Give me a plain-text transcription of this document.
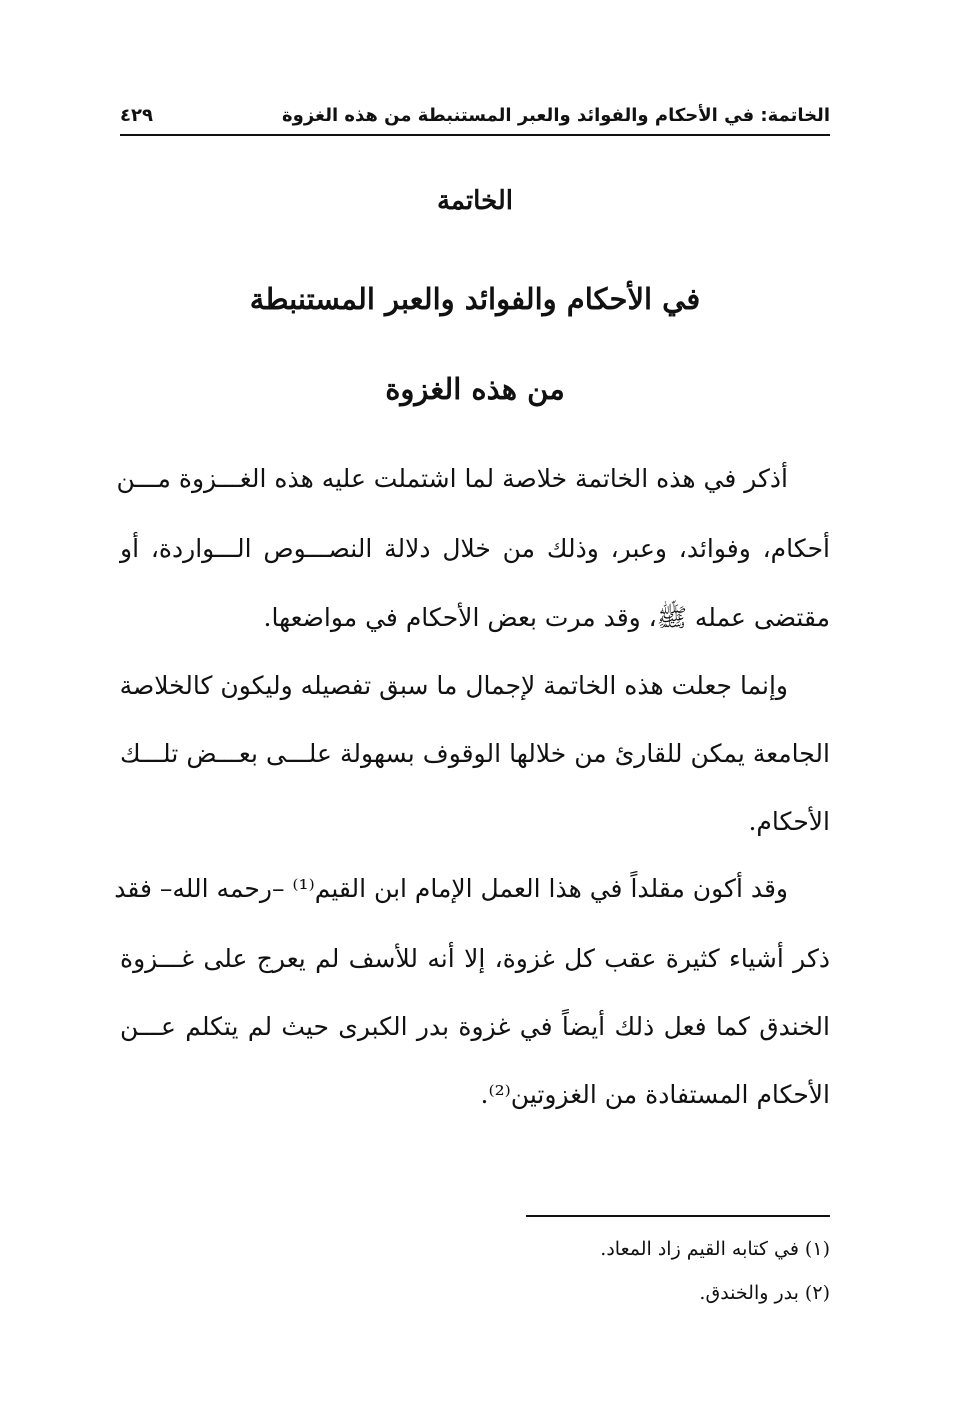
الخاتمة: في الأحكام والفوائد والعبر المستنبطة من هذه الغزوة
٤٢٩
الخاتمة
في الأحكام والفوائد والعبر المستنبطة
من هذه الغزوة
أذكر في هذه الخاتمة خلاصة لما اشتملت عليه هذه الغـــزوة مـــن
أحكام، وفوائد، وعبر، وذلك من خلال دلالة النصـــوص الـــواردة، أو
مقتضى عمله ﷺ، وقد مرت بعض الأحكام في مواضعها.
وإنما جعلت هذه الخاتمة لإجمال ما سبق تفصيله وليكون كالخلاصة
الجامعة يمكن للقارئ من خلالها الوقوف بسهولة علـــى بعـــض تلـــك
الأحكام.
وقد أكون مقلداً في هذا العمل الإمام ابن القيم⁽¹⁾ –رحمه الله– فقد
ذكر أشياء كثيرة عقب كل غزوة، إلا أنه للأسف لم يعرج على غـــزوة
الخندق كما فعل ذلك أيضاً في غزوة بدر الكبرى حيث لم يتكلم عـــن
الأحكام المستفادة من الغزوتين⁽²⁾.
(١) في كتابه القيم زاد المعاد.
(٢) بدر والخندق.
